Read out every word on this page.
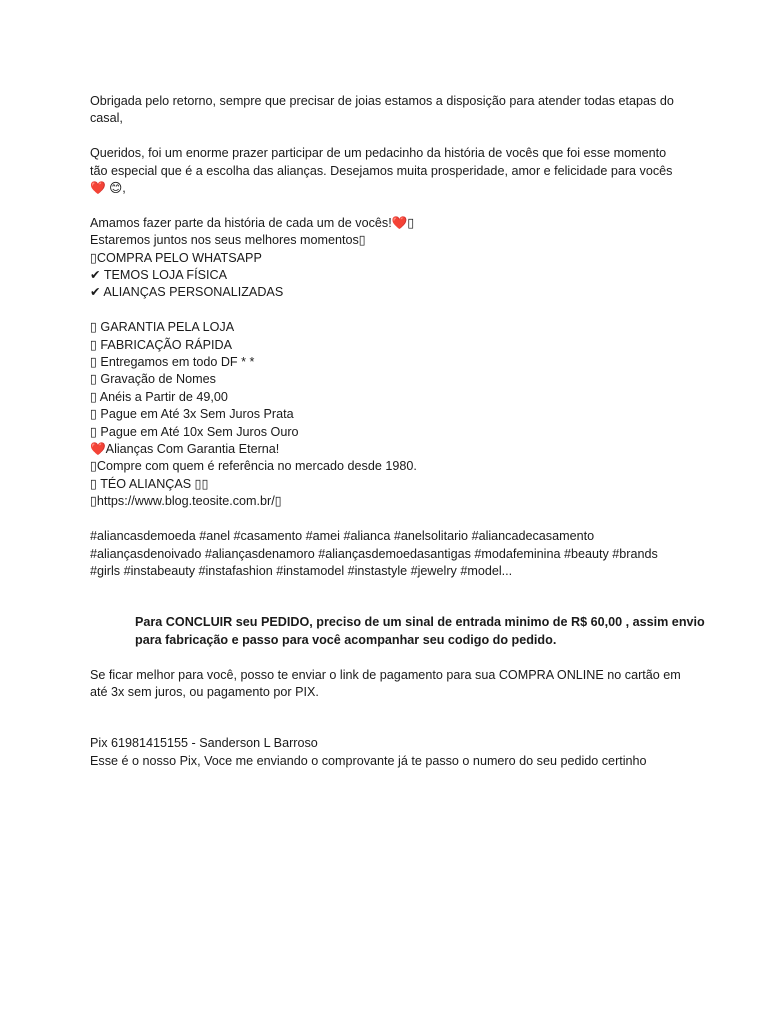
Obrigada pelo retorno, sempre que precisar de joias estamos a disposição para atender todas etapas do
casal,
Queridos, foi um enorme prazer participar de um pedacinho da história de vocês que foi esse momento
tão especial que é a escolha das alianças. Desejamos muita prosperidade, amor e felicidade para vocês
❤️ 😊,
Amamos fazer parte da história de cada um de vocês!❤️▯
Estaremos juntos nos seus melhores momentos▯
▯COMPRA PELO WHATSAPP
✔ TEMOS LOJA FÍSICA
✔ ALIANÇAS PERSONALIZADAS
▯ GARANTIA PELA LOJA
▯ FABRICAÇÃO RÁPIDA
▯ Entregamos em todo DF * *
▯ Gravação de Nomes
▯ Anéis a Partir de 49,00
▯ Pague em Até 3x Sem Juros Prata
▯ Pague em Até 10x Sem Juros Ouro
❤️Alianças Com Garantia Eterna!
▯Compre com quem é referência no mercado desde 1980.
▯ TÉO ALIANÇAS ▯▯
▯https://www.blog.teosite.com.br/▯
#aliancasdemoeda #anel #casamento #amei #alianca #anelsolitario #aliancadecasamento
#aliançasdenoivado #aliançasdenamoro #aliançasdemoedasantigas #modafeminina #beauty #brands
#girls #instabeauty #instafashion #instamodel #instastyle #jewelry #model...
Para CONCLUIR seu PEDIDO, preciso de um sinal de entrada minimo de R$ 60,00 , assim envio
para fabricação e passo para você acompanhar seu codigo do pedido.
Se ficar melhor para você, posso te enviar o link de pagamento para sua COMPRA ONLINE no cartão em
até 3x sem juros, ou pagamento por PIX.
Pix 61981415155 - Sanderson L Barroso
Esse é o nosso Pix, Voce me enviando o comprovante já te passo o numero do seu pedido certinho
